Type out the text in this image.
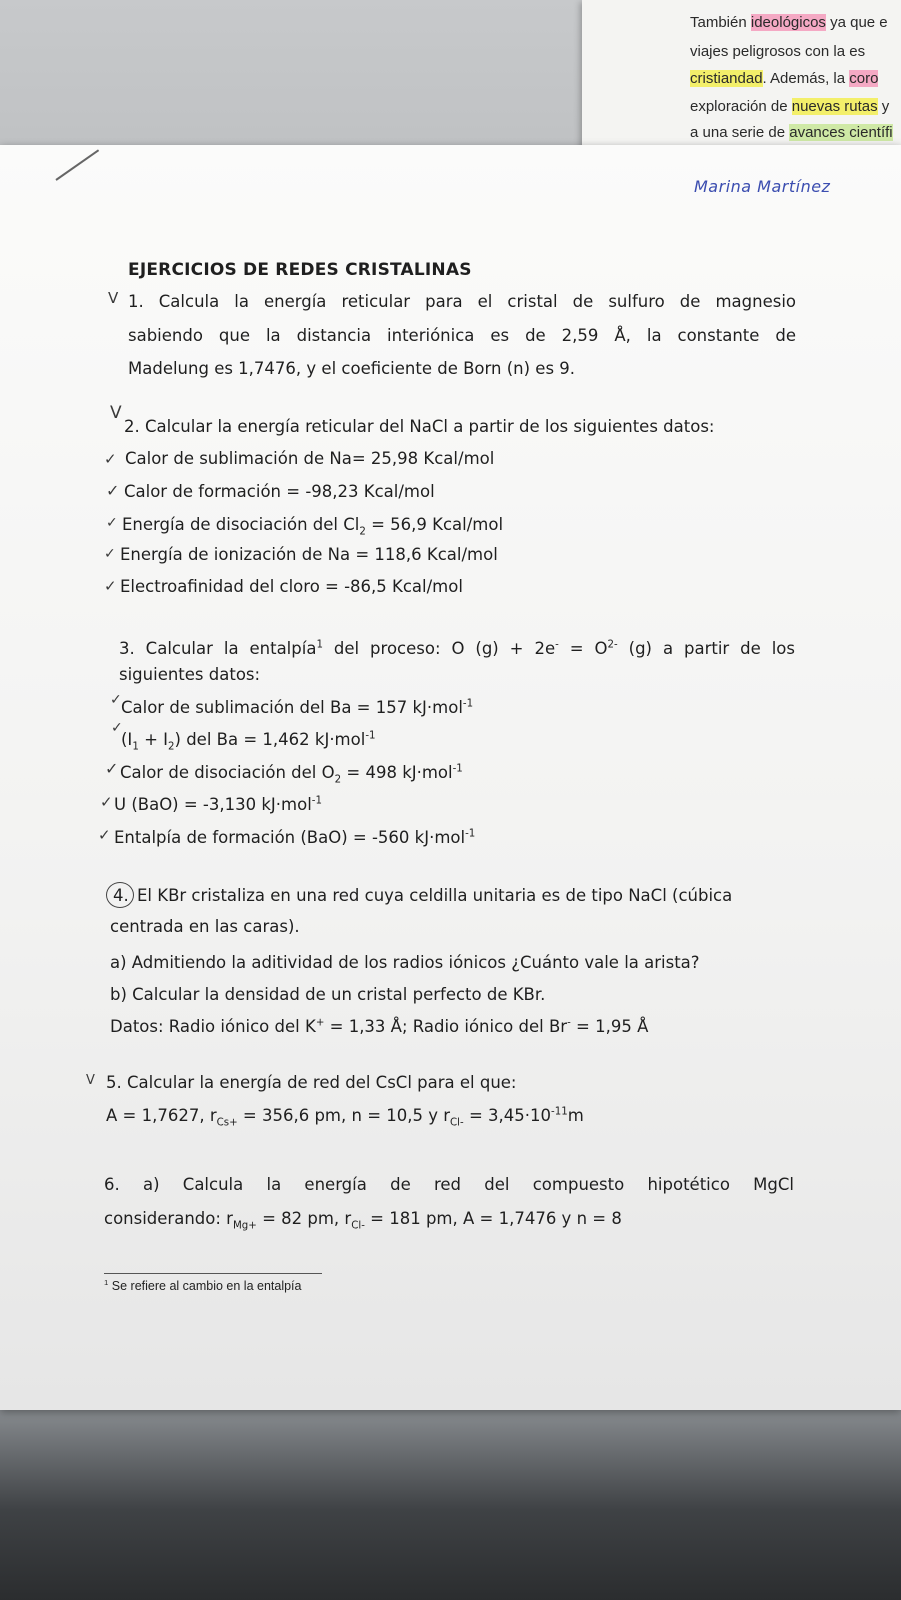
También ideológicos ya que e
viajes peligrosos con la es
cristiandad. Además, la coro
exploración de nuevas rutas y
a una serie de avances científi
Marina Martínez
EJERCICIOS DE REDES CRISTALINAS
V 1. Calcula la energía reticular para el cristal de sulfuro de magnesio
sabiendo que la distancia interiónica es de 2,59 Å, la constante de
Madelung es 1,7476, y el coeficiente de Born (n) es 9.
V
2. Calcular la energía reticular del NaCl a partir de los siguientes datos:
✓ Calor de sublimación de Na= 25,98 Kcal/mol
✓ Calor de formación = -98,23 Kcal/mol
✓ Energía de disociación del $Cl_2 = 56,9$ Kcal/mol
✓ Energía de ionización de Na = 118,6 Kcal/mol
✓ Electroafinidad del cloro = -86,5 Kcal/mol
3. Calcular la entalpía$^1$ del proceso: O $(g) + 2e^- = O^{2-}$ (g) a partir de los
siguientes datos:
✓ Calor de sublimación del Ba = 157 kJ·mol$^{-1}$
✓
$(I_1 + I_2)$ del Ba = 1,462 kJ·mol$^{-1}$
✓ Calor de disociación del $O_2 = 498$ kJ·mol$^{-1}$
✓ U (BaO) = -3,130 kJ·mol$^{-1}$
✓ Entalpía de formación (BaO) = -560 kJ·mol$^{-1}$
4. El KBr cristaliza en una red cuya celdilla unitaria es de tipo NaCl (cúbica
centrada en las caras).
a) Admitiendo la aditividad de los radios iónicos ¿Cuánto vale la arista?
b) Calcular la densidad de un cristal perfecto de KBr.
Datos: Radio iónico del K+ = 1,33 Å; Radio iónico del Br- = 1,95 Å
V 5. Calcular la energía de red del CsCl para el que:
A = 1,7627, $r_{Cs+} = 356,6$ pm, n = 10,5 y $r_{Cl-} = 3,45\cdot 10^{-11}m$
6. a) Calcula la energía de red del compuesto hipotético MgCl
considerando: $r_{Mg+} = 82$ pm, $r_{Cl-} = 181$ pm, A = 1,7476 y n = 8
$^1$ Se refiere al cambio en la entalpía
